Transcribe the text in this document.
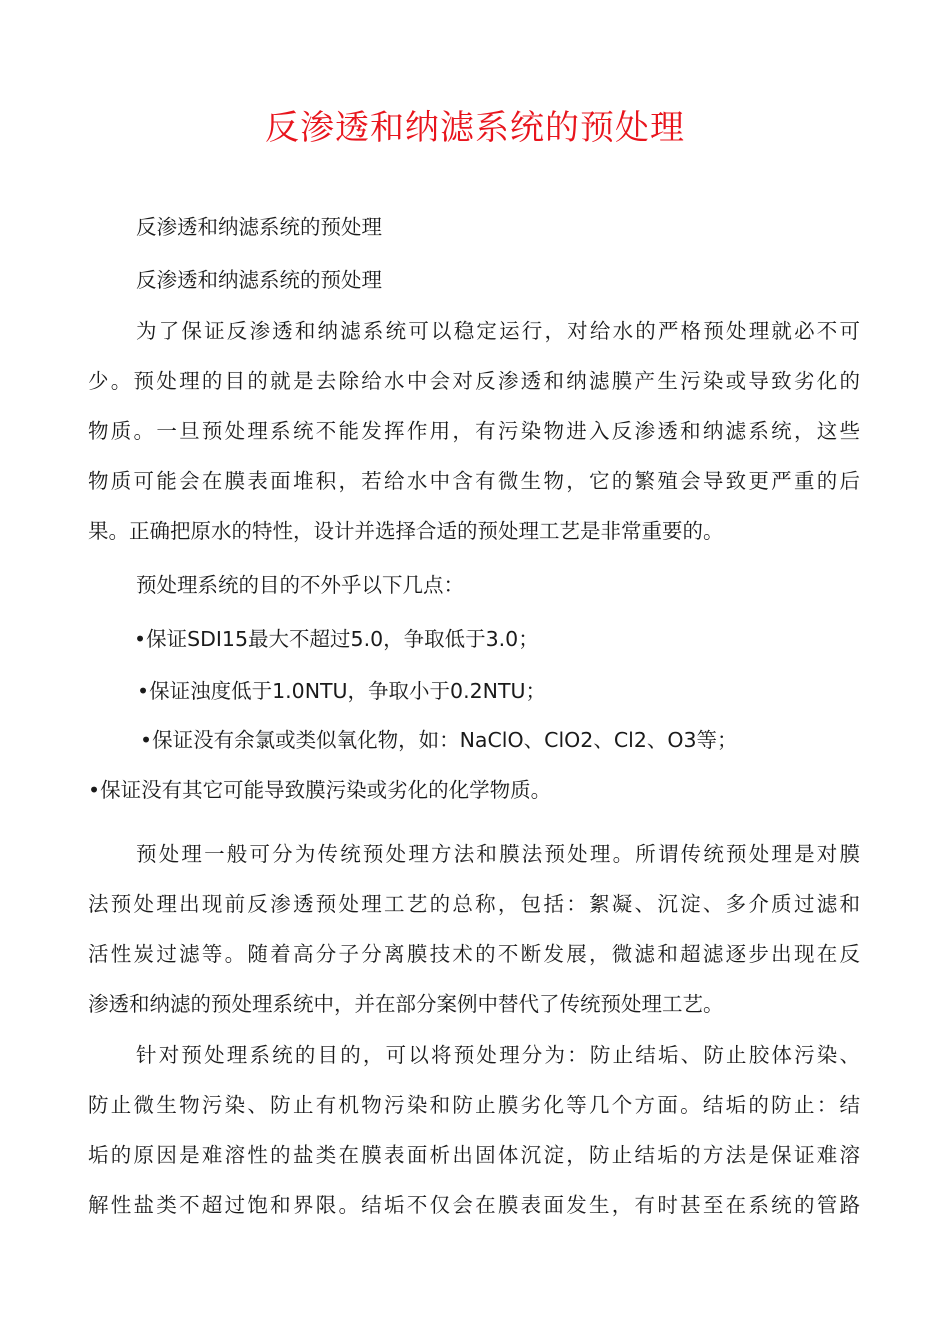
反渗透和纳滤系统的预处理
反渗透和纳滤系统的预处理
反渗透和纳滤系统的预处理
为了保证反渗透和纳滤系统可以稳定运行，对给水的严格预处理就必不可
少。预处理的目的就是去除给水中会对反渗透和纳滤膜产生污染或导致劣化的
物质。一旦预处理系统不能发挥作用，有污染物进入反渗透和纳滤系统，这些
物质可能会在膜表面堆积，若给水中含有微生物，它的繁殖会导致更严重的后
果。正确把原水的特性，设计并选择合适的预处理工艺是非常重要的。
预处理系统的目的不外乎以下几点：
•保证SDI15最大不超过5.0，争取低于3.0；
•保证浊度低于1.0NTU，争取小于0.2NTU；
•保证没有余氯或类似氧化物，如：NaClO、ClO2、Cl2、O3等；
•保证没有其它可能导致膜污染或劣化的化学物质。
预处理一般可分为传统预处理方法和膜法预处理。所谓传统预处理是对膜
法预处理出现前反渗透预处理工艺的总称，包括：絮凝、沉淀、多介质过滤和
活性炭过滤等。随着高分子分离膜技术的不断发展，微滤和超滤逐步出现在反
渗透和纳滤的预处理系统中，并在部分案例中替代了传统预处理工艺。
针对预处理系统的目的，可以将预处理分为：防止结垢、防止胶体污染、
防止微生物污染、防止有机物污染和防止膜劣化等几个方面。结垢的防止：结
垢的原因是难溶性的盐类在膜表面析出固体沉淀，防止结垢的方法是保证难溶
解性盐类不超过饱和界限。结垢不仅会在膜表面发生，有时甚至在系统的管路
